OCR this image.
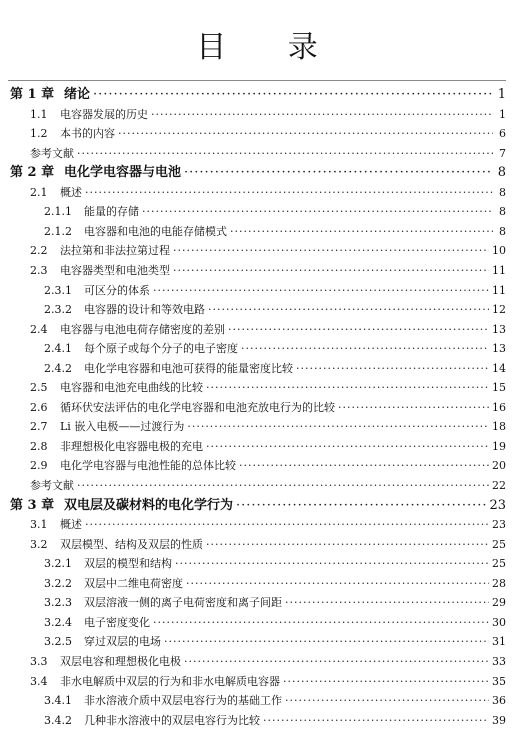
目 录
第 1 章 绪论 ·····	1
1.1	电容器发展的历史 ·····	1
1.2	本书的内容 ·····	6
参考文献 ·····	7
第 2 章 电化学电容器与电池 ·····	8
2.1	概述 ·····	8
2.1.1	能量的存储 ·····	8
2.1.2	电容器和电池的电能存储模式 ·····	8
2.2	法拉第和非法拉第过程 ·····	10
2.3	电容器类型和电池类型 ·····	11
2.3.1	可区分的体系 ·····	11
2.3.2	电容器的设计和等效电路 ·····	12
2.4	电容器与电池电荷存储密度的差别 ·····	13
2.4.1	每个原子或每个分子的电子密度 ·····	13
2.4.2	电化学电容器和电池可获得的能量密度比较 ·····	14
2.5	电容器和电池充电曲线的比较 ·····	15
2.6	循环伏安法评估的电化学电容器和电池充放电行为的比较 ·····	16
2.7	Li 嵌入电极——过渡行为 ·····	18
2.8	非理想极化电容器电极的充电 ·····	19
2.9	电化学电容器与电池性能的总体比较 ·····	20
参考文献 ·····	22
第 3 章 双电层及碳材料的电化学行为 ·····	23
3.1	概述 ·····	23
3.2	双层模型、结构及双层的性质 ·····	25
3.2.1	双层的模型和结构 ·····	25
3.2.2	双层中二维电荷密度 ·····	28
3.2.3	双层溶液一侧的离子电荷密度和离子间距 ·····	29
3.2.4	电子密度变化 ·····	30
3.2.5	穿过双层的电场 ·····	31
3.3	双层电容和理想极化电极 ·····	33
3.4	非水电解质中双层的行为和非水电解质电容器 ·····	35
3.4.1	非水溶液介质中双层电容行为的基础工作 ·····	36
3.4.2	几种非水溶液中的双层电容行为比较 ·····	39
